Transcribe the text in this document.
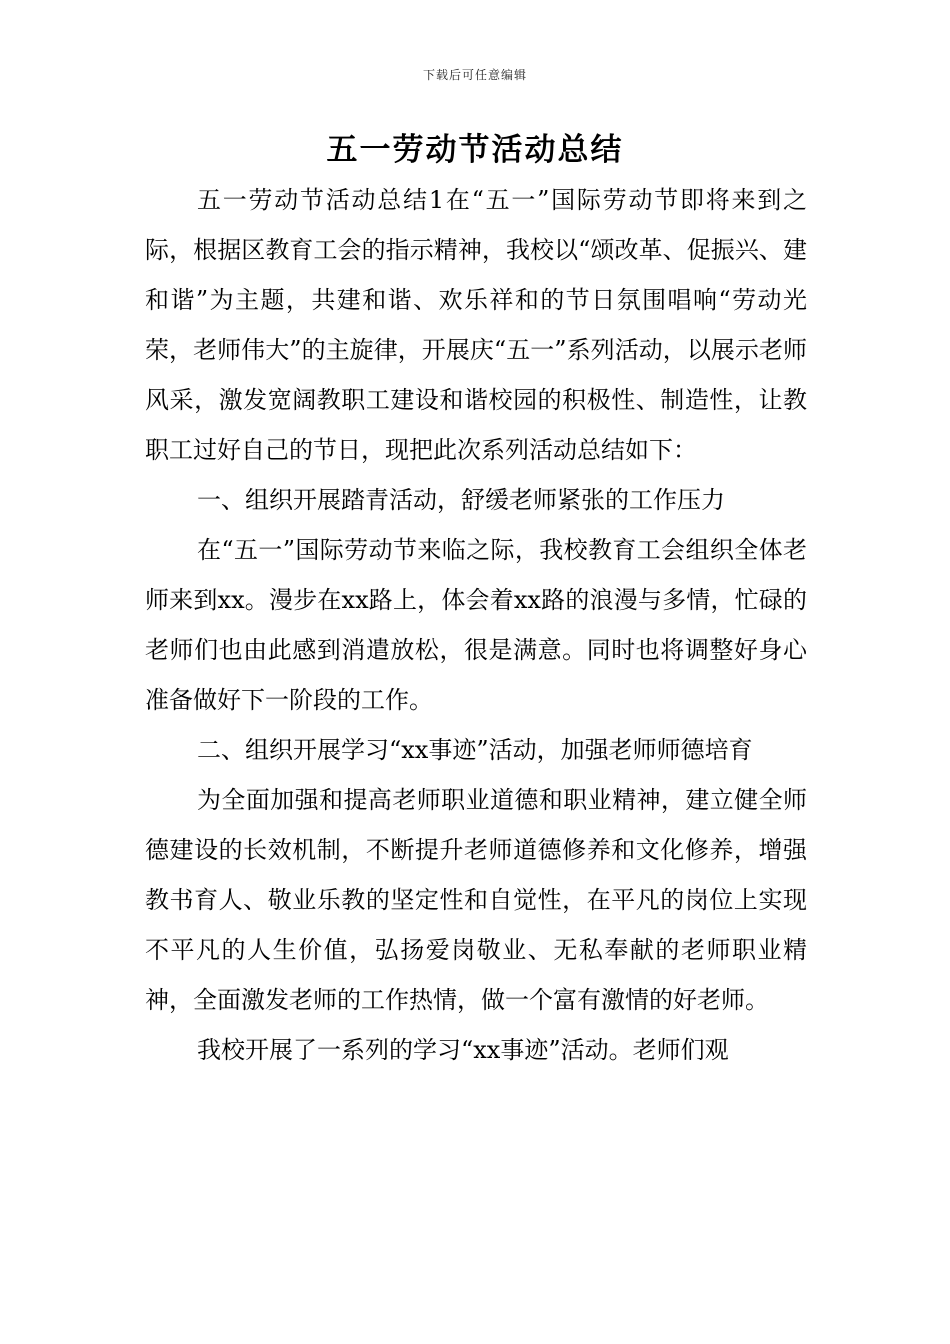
下载后可任意编辑
五一劳动节活动总结

五一劳动节活动总结1在“五一”国际劳动节即将来到之际，根据区教育工会的指示精神，我校以“颂改革、促振兴、建和谐”为主题，共建和谐、欢乐祥和的节日氛围唱响“劳动光荣，老师伟大”的主旋律，开展庆“五一”系列活动，以展示老师风采，激发宽阔教职工建设和谐校园的积极性、制造性，让教职工过好自己的节日，现把此次系列活动总结如下：

一、组织开展踏青活动，舒缓老师紧张的工作压力

在“五一”国际劳动节来临之际，我校教育工会组织全体老师来到xx。漫步在xx路上，体会着xx路的浪漫与多情，忙碌的老师们也由此感到消遣放松，很是满意。同时也将调整好身心准备做好下一阶段的工作。

二、组织开展学习“xx事迹”活动，加强老师师德培育

为全面加强和提高老师职业道德和职业精神，建立健全师德建设的长效机制，不断提升老师道德修养和文化修养，增强教书育人、敬业乐教的坚定性和自觉性，在平凡的岗位上实现不平凡的人生价值，弘扬爱岗敬业、无私奉献的老师职业精神，全面激发老师的工作热情，做一个富有激情的好老师。

我校开展了一系列的学习“xx事迹”活动。老师们观
